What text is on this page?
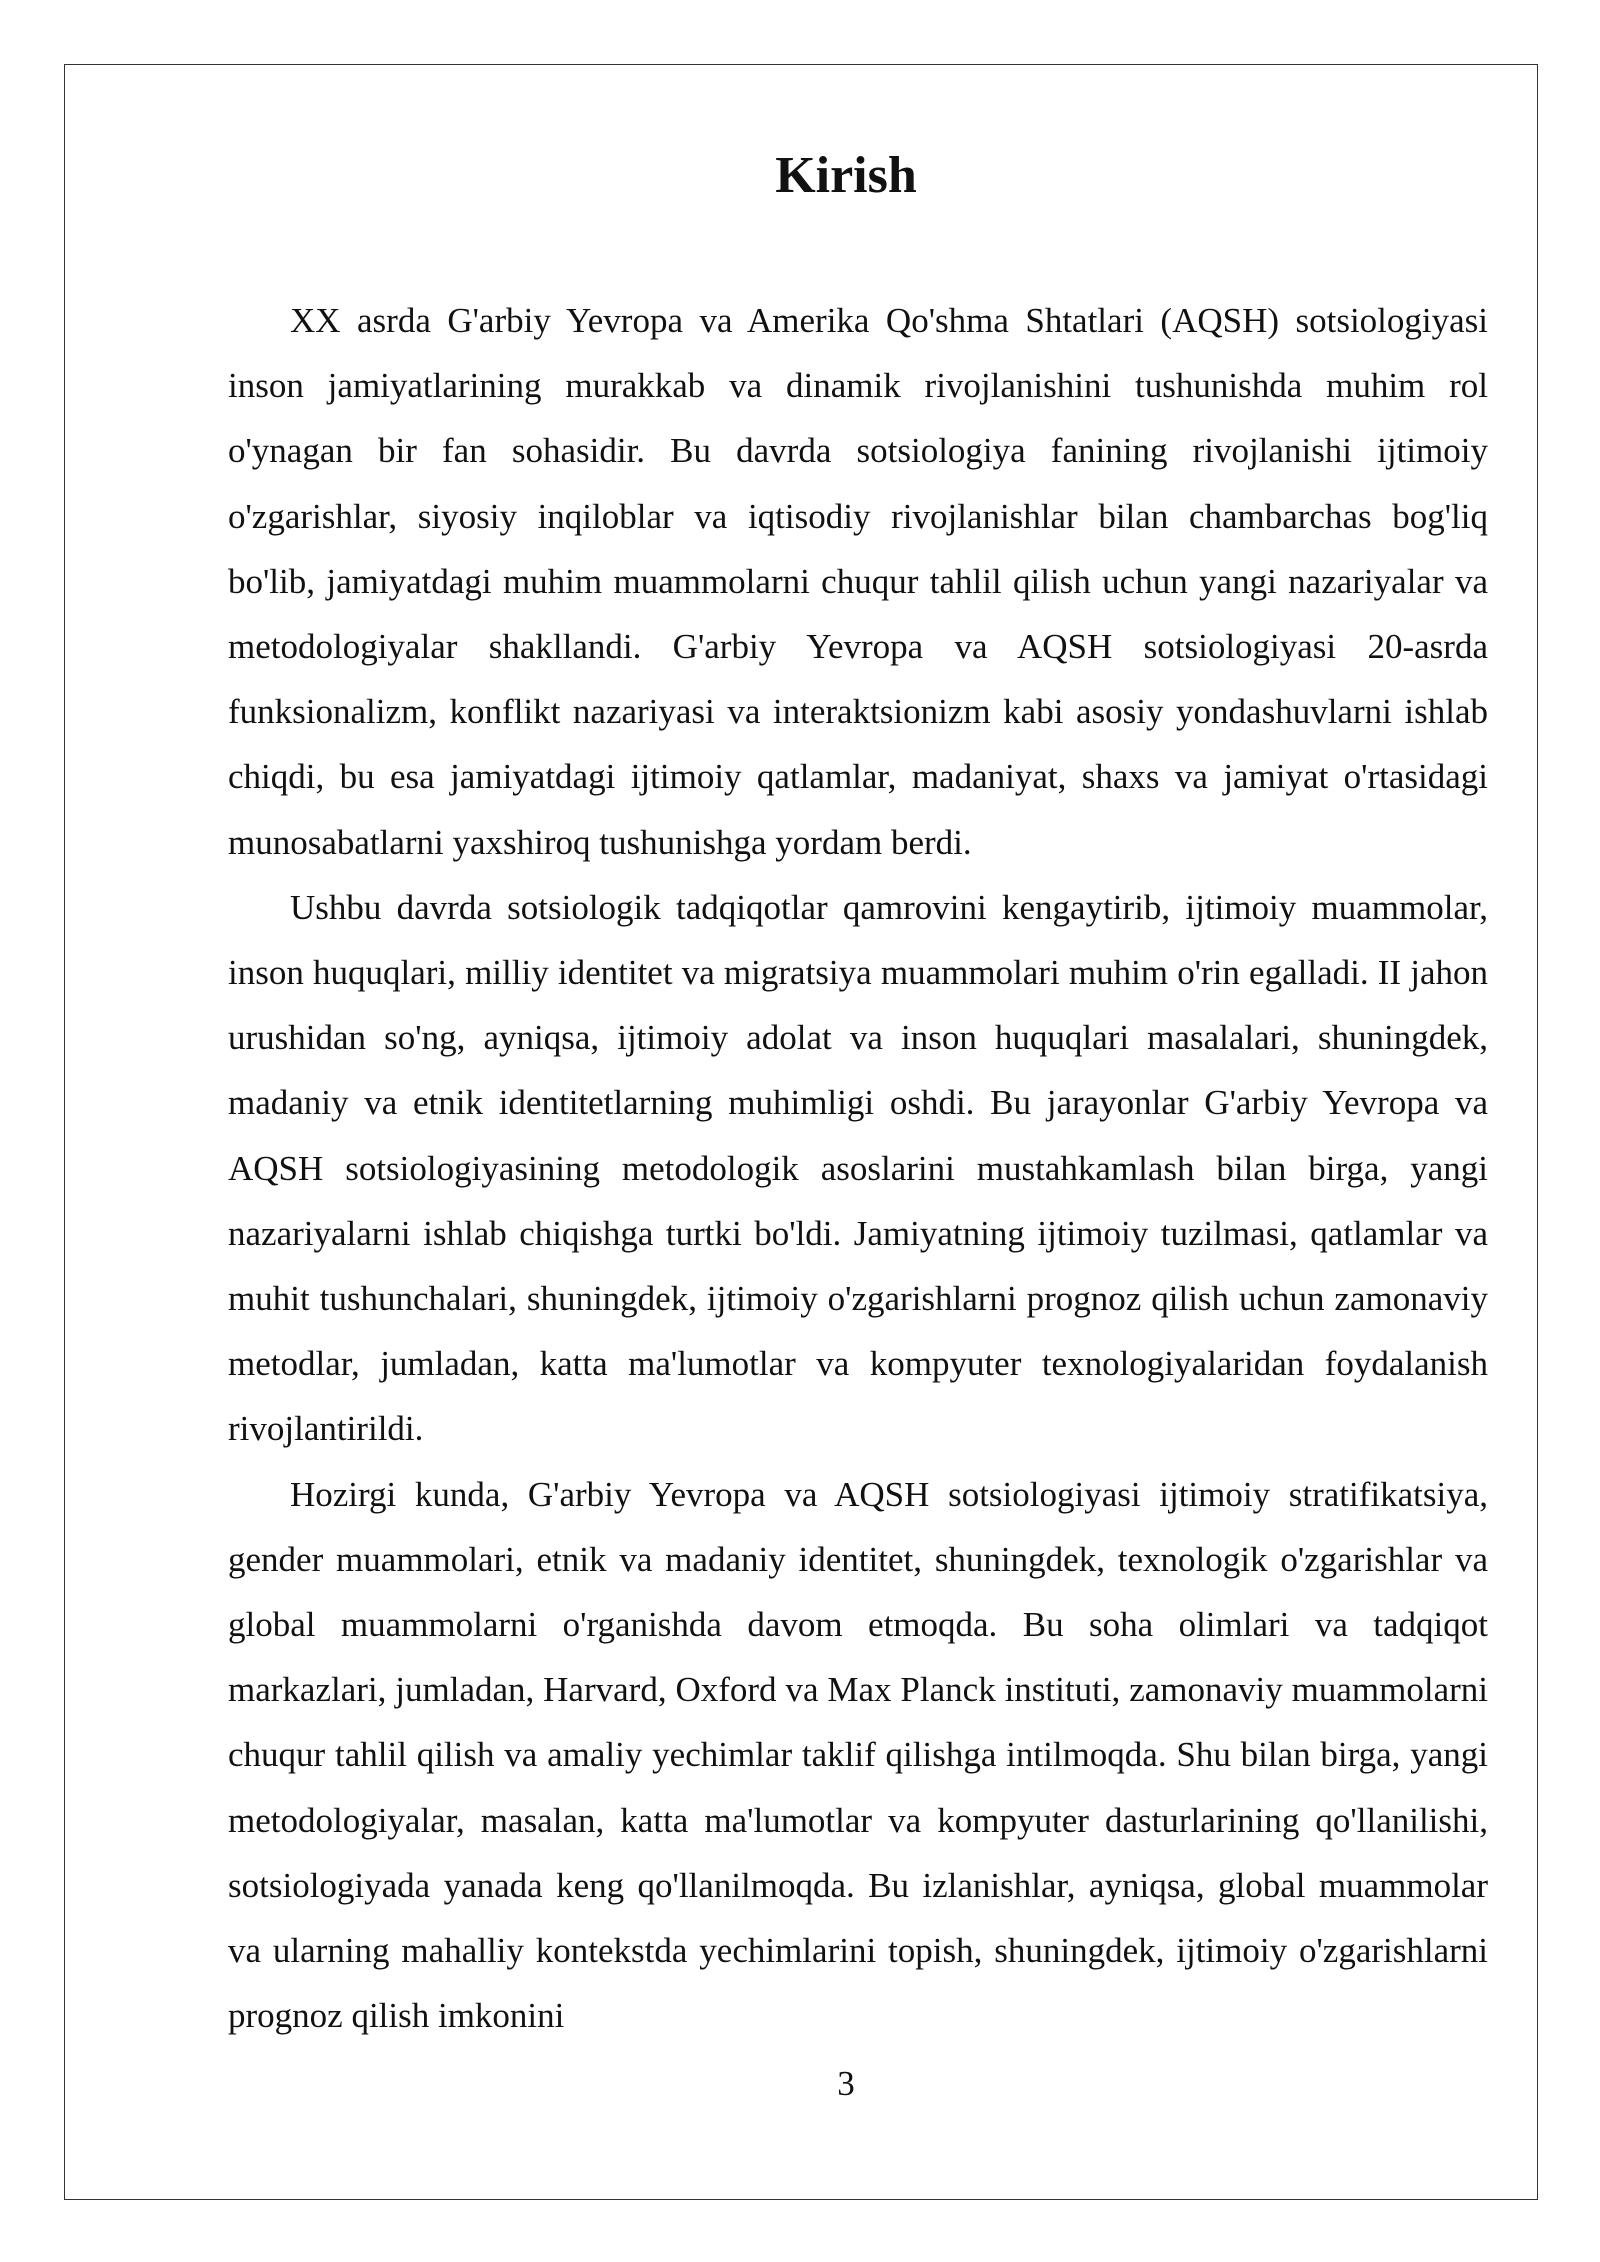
Kirish

XX asrda G'arbiy Yevropa va Amerika Qo'shma Shtatlari (AQSH) sotsiologiyasi inson jamiyatlarining murakkab va dinamik rivojlanishini tushunishda muhim rol o'ynagan bir fan sohasidir. Bu davrda sotsiologiya fanining rivojlanishi ijtimoiy o'zgarishlar, siyosiy inqiloblar va iqtisodiy rivojlanishlar bilan chambarchas bog'liq bo'lib, jamiyatdagi muhim muammolarni chuqur tahlil qilish uchun yangi nazariyalar va metodologiyalar shakllandi. G'arbiy Yevropa va AQSH sotsiologiyasi 20-asrda funksionalizm, konflikt nazariyasi va interaktsionizm kabi asosiy yondashuvlarni ishlab chiqdi, bu esa jamiyatdagi ijtimoiy qatlamlar, madaniyat, shaxs va jamiyat o'rtasidagi munosabatlarni yaxshiroq tushunishga yordam berdi.

Ushbu davrda sotsiologik tadqiqotlar qamrovini kengaytirib, ijtimoiy muammolar, inson huquqlari, milliy identitet va migratsiya muammolari muhim o'rin egalladi. II jahon urushidan so'ng, ayniqsa, ijtimoiy adolat va inson huquqlari masalalari, shuningdek, madaniy va etnik identitetlarning muhimligi oshdi. Bu jarayonlar G'arbiy Yevropa va AQSH sotsiologiyasining metodologik asoslarini mustahkamlash bilan birga, yangi nazariyalarni ishlab chiqishga turtki bo'ldi. Jamiyatning ijtimoiy tuzilmasi, qatlamlar va muhit tushunchalari, shuningdek, ijtimoiy o'zgarishlarni prognoz qilish uchun zamonaviy metodlar, jumladan, katta ma'lumotlar va kompyuter texnologiyalaridan foydalanish rivojlantirildi.

Hozirgi kunda, G'arbiy Yevropa va AQSH sotsiologiyasi ijtimoiy stratifikatsiya, gender muammolari, etnik va madaniy identitet, shuningdek, texnologik o'zgarishlar va global muammolarni o'rganishda davom etmoqda. Bu soha olimlari va tadqiqot markazlari, jumladan, Harvard, Oxford va Max Planck instituti, zamonaviy muammolarni chuqur tahlil qilish va amaliy yechimlar taklif qilishga intilmoqda. Shu bilan birga, yangi metodologiyalar, masalan, katta ma'lumotlar va kompyuter dasturlarining qo'llanilishi, sotsiologiyada yanada keng qo'llanilmoqda. Bu izlanishlar, ayniqsa, global muammolar va ularning mahalliy kontekstda yechimlarini topish, shuningdek, ijtimoiy o'zgarishlarni prognoz qilish imkonini

3
